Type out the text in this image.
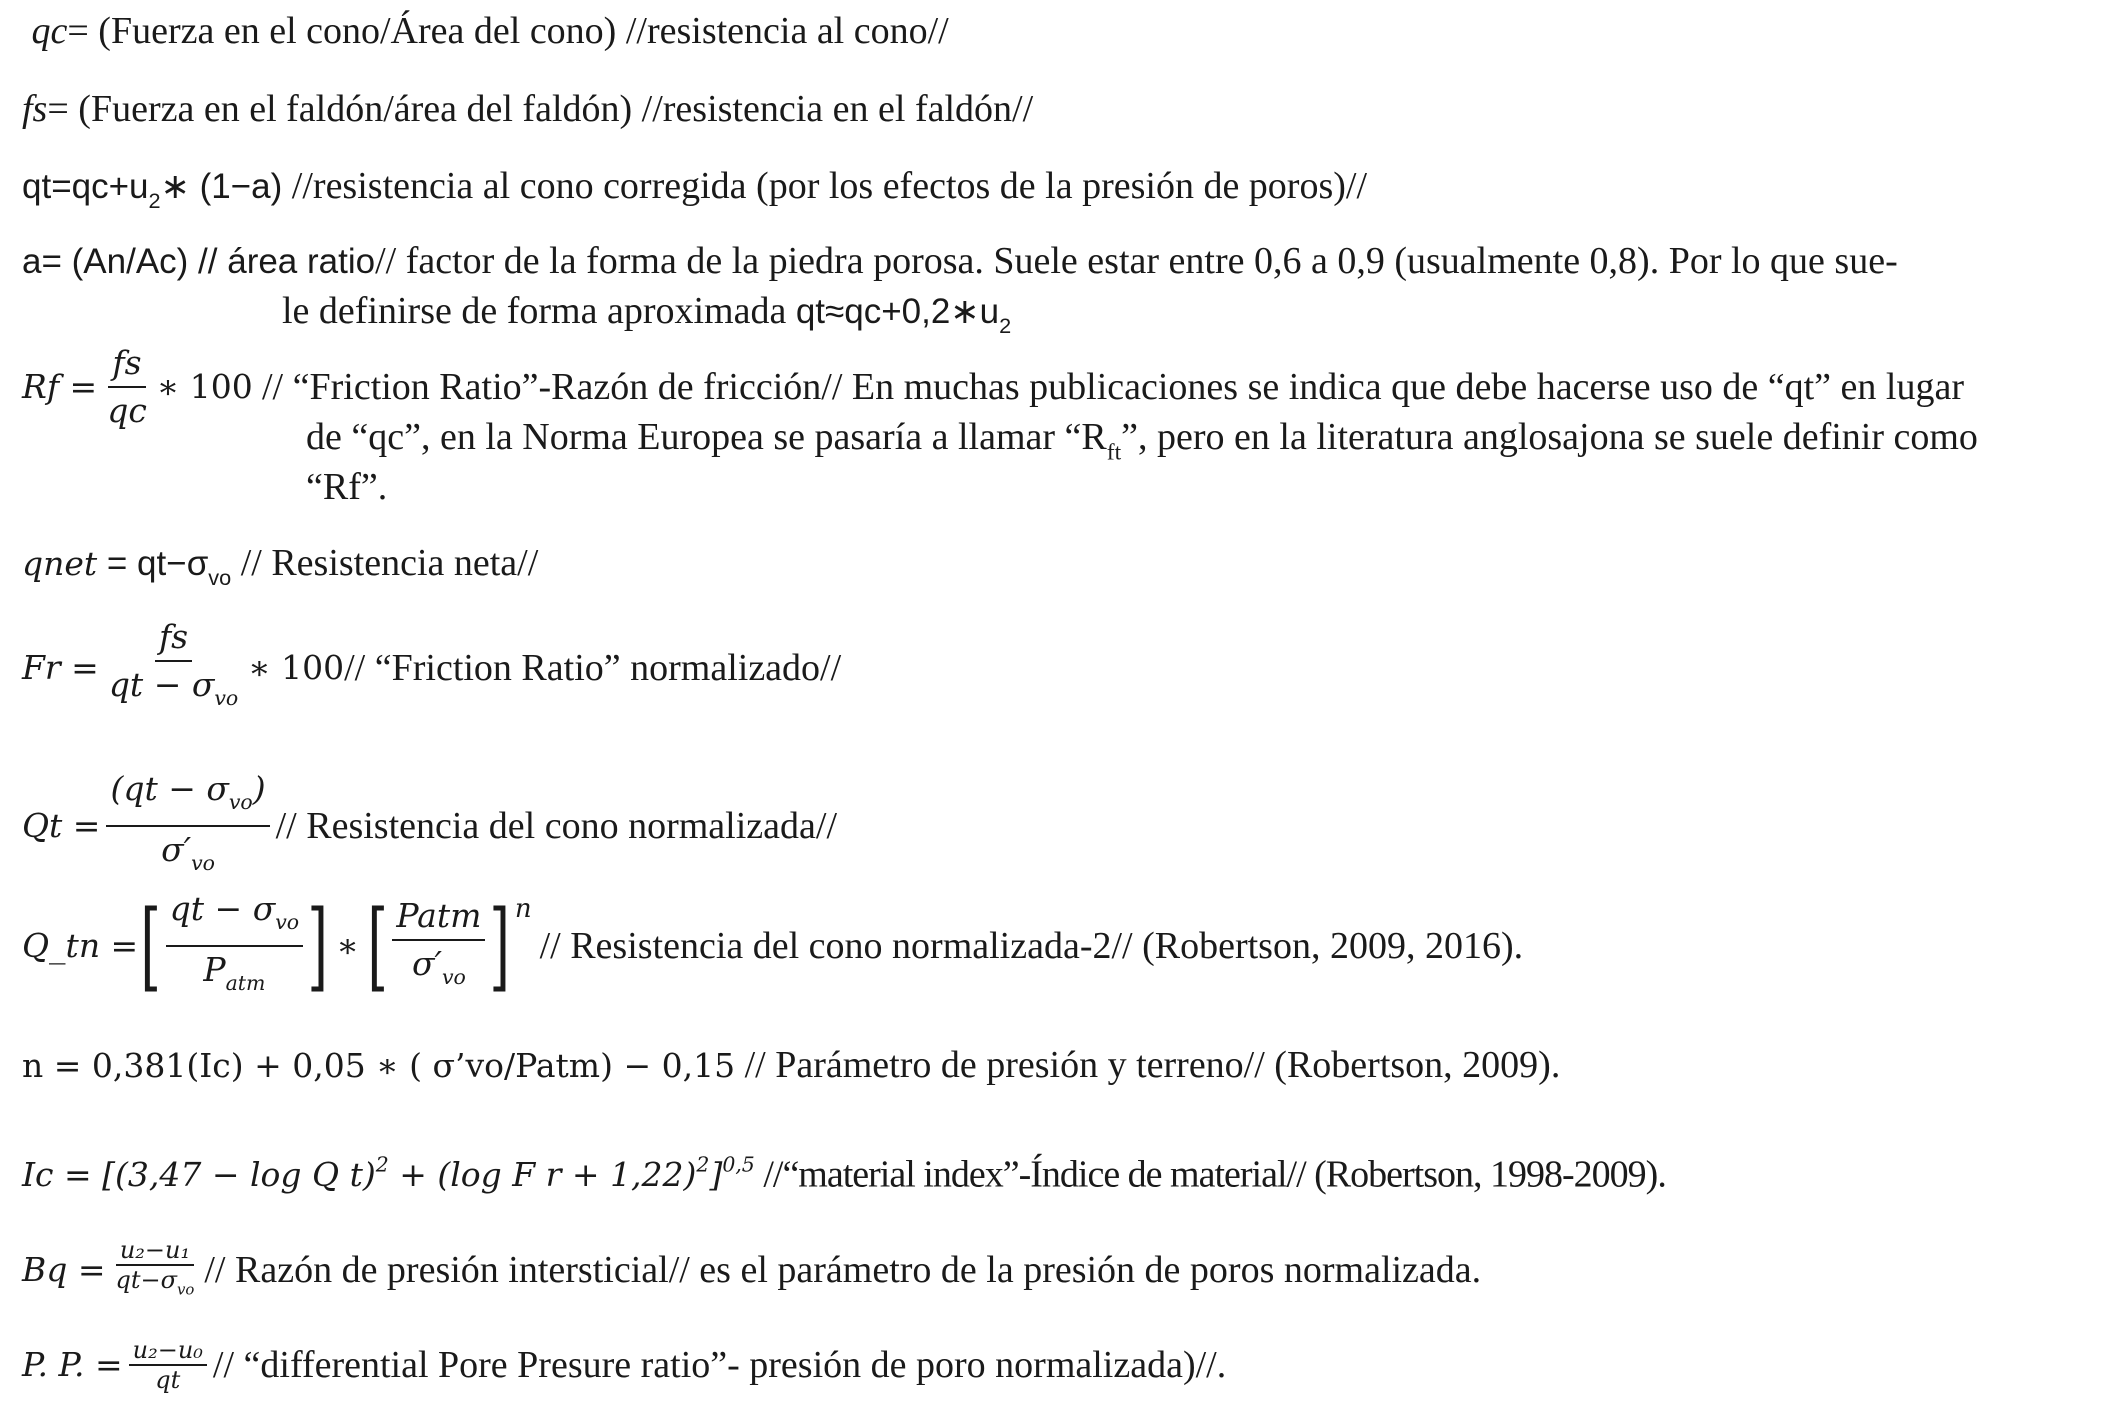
qc= (Fuerza en el cono/Área del cono) //resistencia al cono//
fs= (Fuerza en el faldón/área del faldón) //resistencia en el faldón//
$qt=qc+u_2∗$ (1−a) //resistencia al cono corregida (por los efectos de la presión de poros)//
a= (An/Ac) // área ratio// factor de la forma de la piedra porosa. Suele estar entre 0,6 a 0,9 (usualmente 0,8). Por lo que sue-
le definirse de forma aproximada $qt\approx qc+0,2∗u_2$
$Rf = \frac{fs}{qc}$ ∗ 100 // “Friction Ratio”-Razón de fricción// En muchas publicaciones se indica que debe hacerse uso de “qt” en lugar
de “qc”, en la Norma Europea se pasaría a llamar “$R_{ft}$”, pero en la literatura anglosajona se suele definir como
“Rf”.
qnet = $qt-\sigma_{vo}$ // Resistencia neta//
$Fr = \frac{fs}{qt - \sigma_{vo}}$ ∗ 100 // “Friction Ratio” normalizado//
$Qt = \frac{(qt - \sigma_{vo})}{\sigma'_{vo}}$ // Resistencia del cono normalizada//
Q_tn = [ $\frac{qt - \sigma_{vo}}{P_{atm}}$ ] ∗ [ $\frac{\text{Patm}}{\sigma'_{vo}}$ ] n
// Resistencia del cono normalizada-2// (Robertson, 2009, 2016).
n = 0,381(Ic) + 0,05 ∗ ( σ’vo/Patm) − 0,15 // Parámetro de presión y terreno// (Robertson, 2009).
Ic = [(3,47 − log Q t)$^2$ + (log F r + 1,22)$^2$]$^{0,5}$ //“material index”-Índice de material// (Robertson, 1998-2009).
$Bq = \frac{\text{u₂−u₁}}{qt-\sigma_{vo}}$ // Razón de presión intersticial// es el parámetro de la presión de poros normalizada.
P. P. = $\frac{\text{u₂−u₀}}{qt}$ // “differential Pore Presure ratio”- presión de poro normalizada)//.
